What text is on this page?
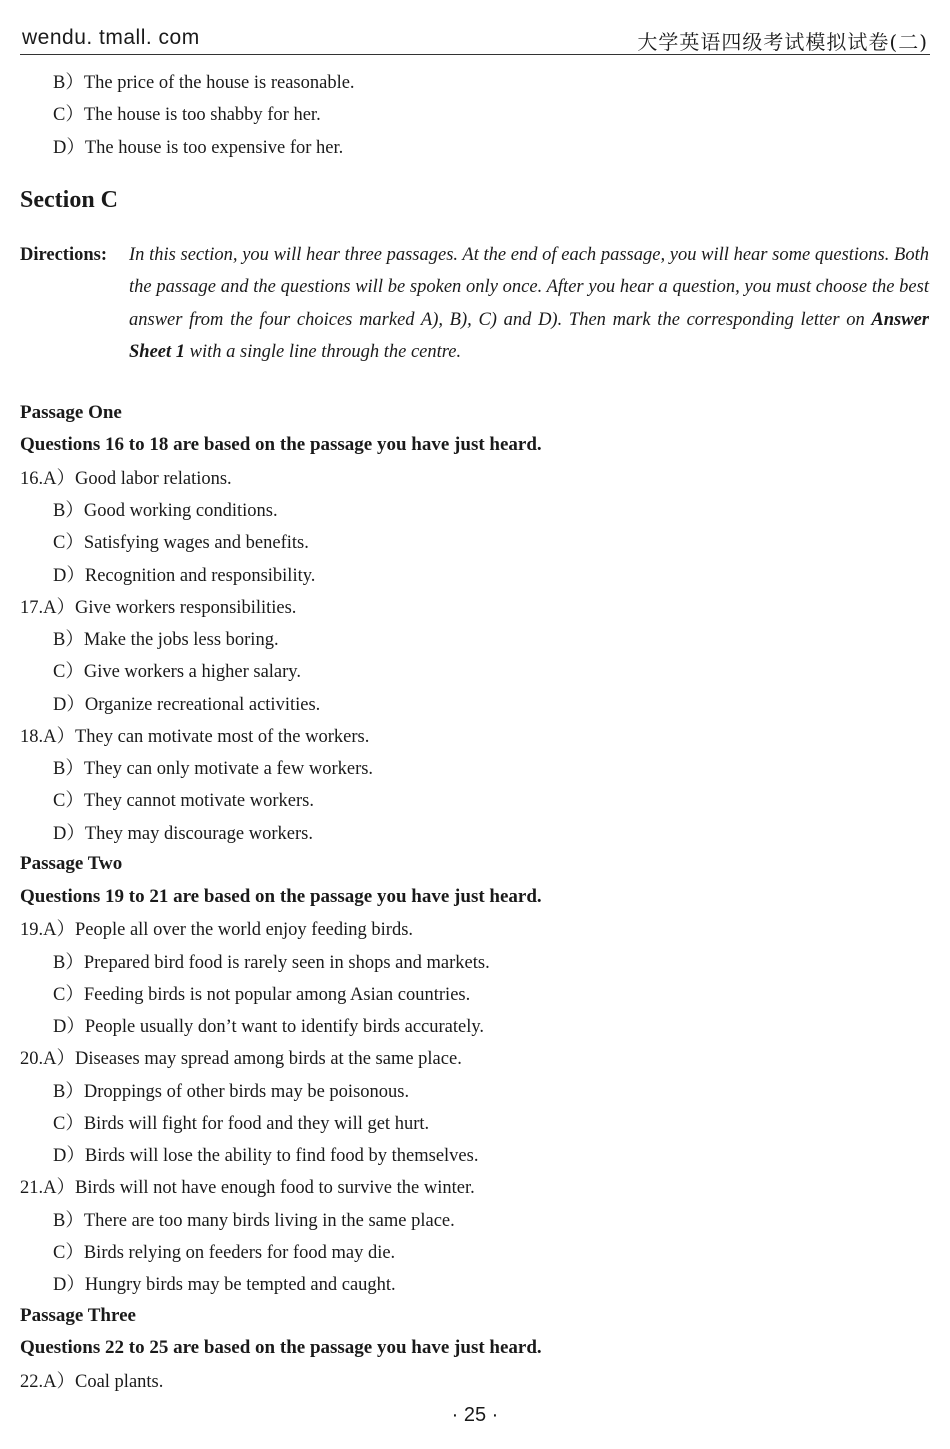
wendu. tmall. com	大学英语四级考试模拟试卷(二)
B）The price of the house is reasonable.
C）The house is too shabby for her.
D）The house is too expensive for her.
Section C
Directions: In this section, you will hear three passages. At the end of each passage, you will hear some questions. Both the passage and the questions will be spoken only once. After you hear a question, you must choose the best answer from the four choices marked A), B), C) and D). Then mark the corresponding letter on Answer Sheet 1 with a single line through the centre.
Passage One
Questions 16 to 18 are based on the passage you have just heard.
16.A）Good labor relations.
B）Good working conditions.
C）Satisfying wages and benefits.
D）Recognition and responsibility.
17.A）Give workers responsibilities.
B）Make the jobs less boring.
C）Give workers a higher salary.
D）Organize recreational activities.
18.A）They can motivate most of the workers.
B）They can only motivate a few workers.
C）They cannot motivate workers.
D）They may discourage workers.
Passage Two
Questions 19 to 21 are based on the passage you have just heard.
19.A）People all over the world enjoy feeding birds.
B）Prepared bird food is rarely seen in shops and markets.
C）Feeding birds is not popular among Asian countries.
D）People usually don’t want to identify birds accurately.
20.A）Diseases may spread among birds at the same place.
B）Droppings of other birds may be poisonous.
C）Birds will fight for food and they will get hurt.
D）Birds will lose the ability to find food by themselves.
21.A）Birds will not have enough food to survive the winter.
B）There are too many birds living in the same place.
C）Birds relying on feeders for food may die.
D）Hungry birds may be tempted and caught.
Passage Three
Questions 22 to 25 are based on the passage you have just heard.
22.A）Coal plants.
· 25 ·
